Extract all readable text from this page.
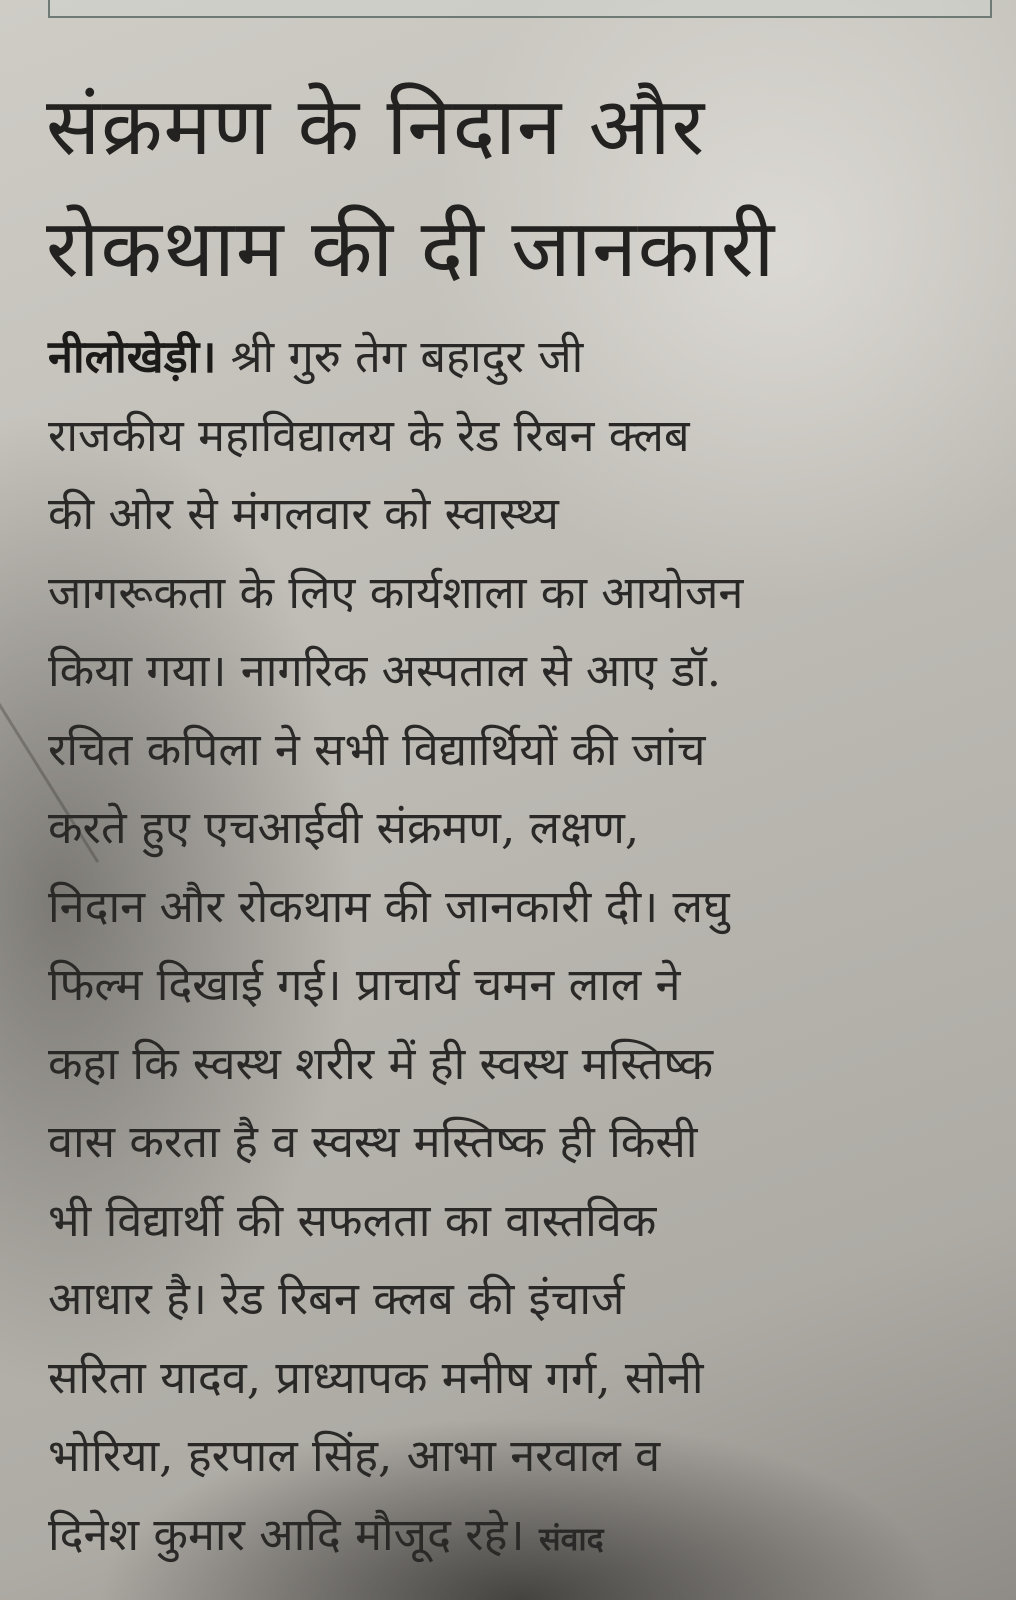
संक्रमण के निदान और
रोकथाम की दी जानकारी
नीलोखेड़ी। श्री गुरु तेग बहादुर जी
राजकीय महाविद्यालय के रेड रिबन क्लब
की ओर से मंगलवार को स्वास्थ्य
जागरूकता के लिए कार्यशाला का आयोजन
किया गया। नागरिक अस्पताल से आए डॉ.
रचित कपिला ने सभी विद्यार्थियों की जांच
करते हुए एचआईवी संक्रमण, लक्षण,
निदान और रोकथाम की जानकारी दी। लघु
फिल्म दिखाई गई। प्राचार्य चमन लाल ने
कहा कि स्वस्थ शरीर में ही स्वस्थ मस्तिष्क
वास करता है व स्वस्थ मस्तिष्क ही किसी
भी विद्यार्थी की सफलता का वास्तविक
आधार है। रेड रिबन क्लब की इंचार्ज
सरिता यादव, प्राध्यापक मनीष गर्ग, सोनी
भोरिया, हरपाल सिंह, आभा नरवाल व
दिनेश कुमार आदि मौजूद रहे। संवाद
